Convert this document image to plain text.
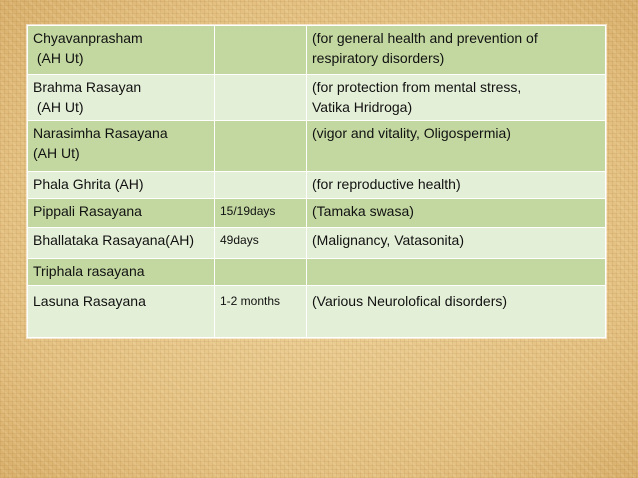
Chyavanprasham
(AH Ut)		(for general health and prevention of
respiratory disorders)
Brahma Rasayan
(AH Ut)		(for protection from mental stress,
Vatika Hridroga)
Narasimha Rasayana
(AH Ut)		(vigor and vitality, Oligospermia)
Phala Ghrita (AH)		(for reproductive health)
Pippali Rasayana	15/19days	(Tamaka swasa)
Bhallataka Rasayana(AH)	49days	(Malignancy, Vatasonita)
Triphala rasayana		
Lasuna Rasayana	1-2 months	(Various Neurolofical disorders)
